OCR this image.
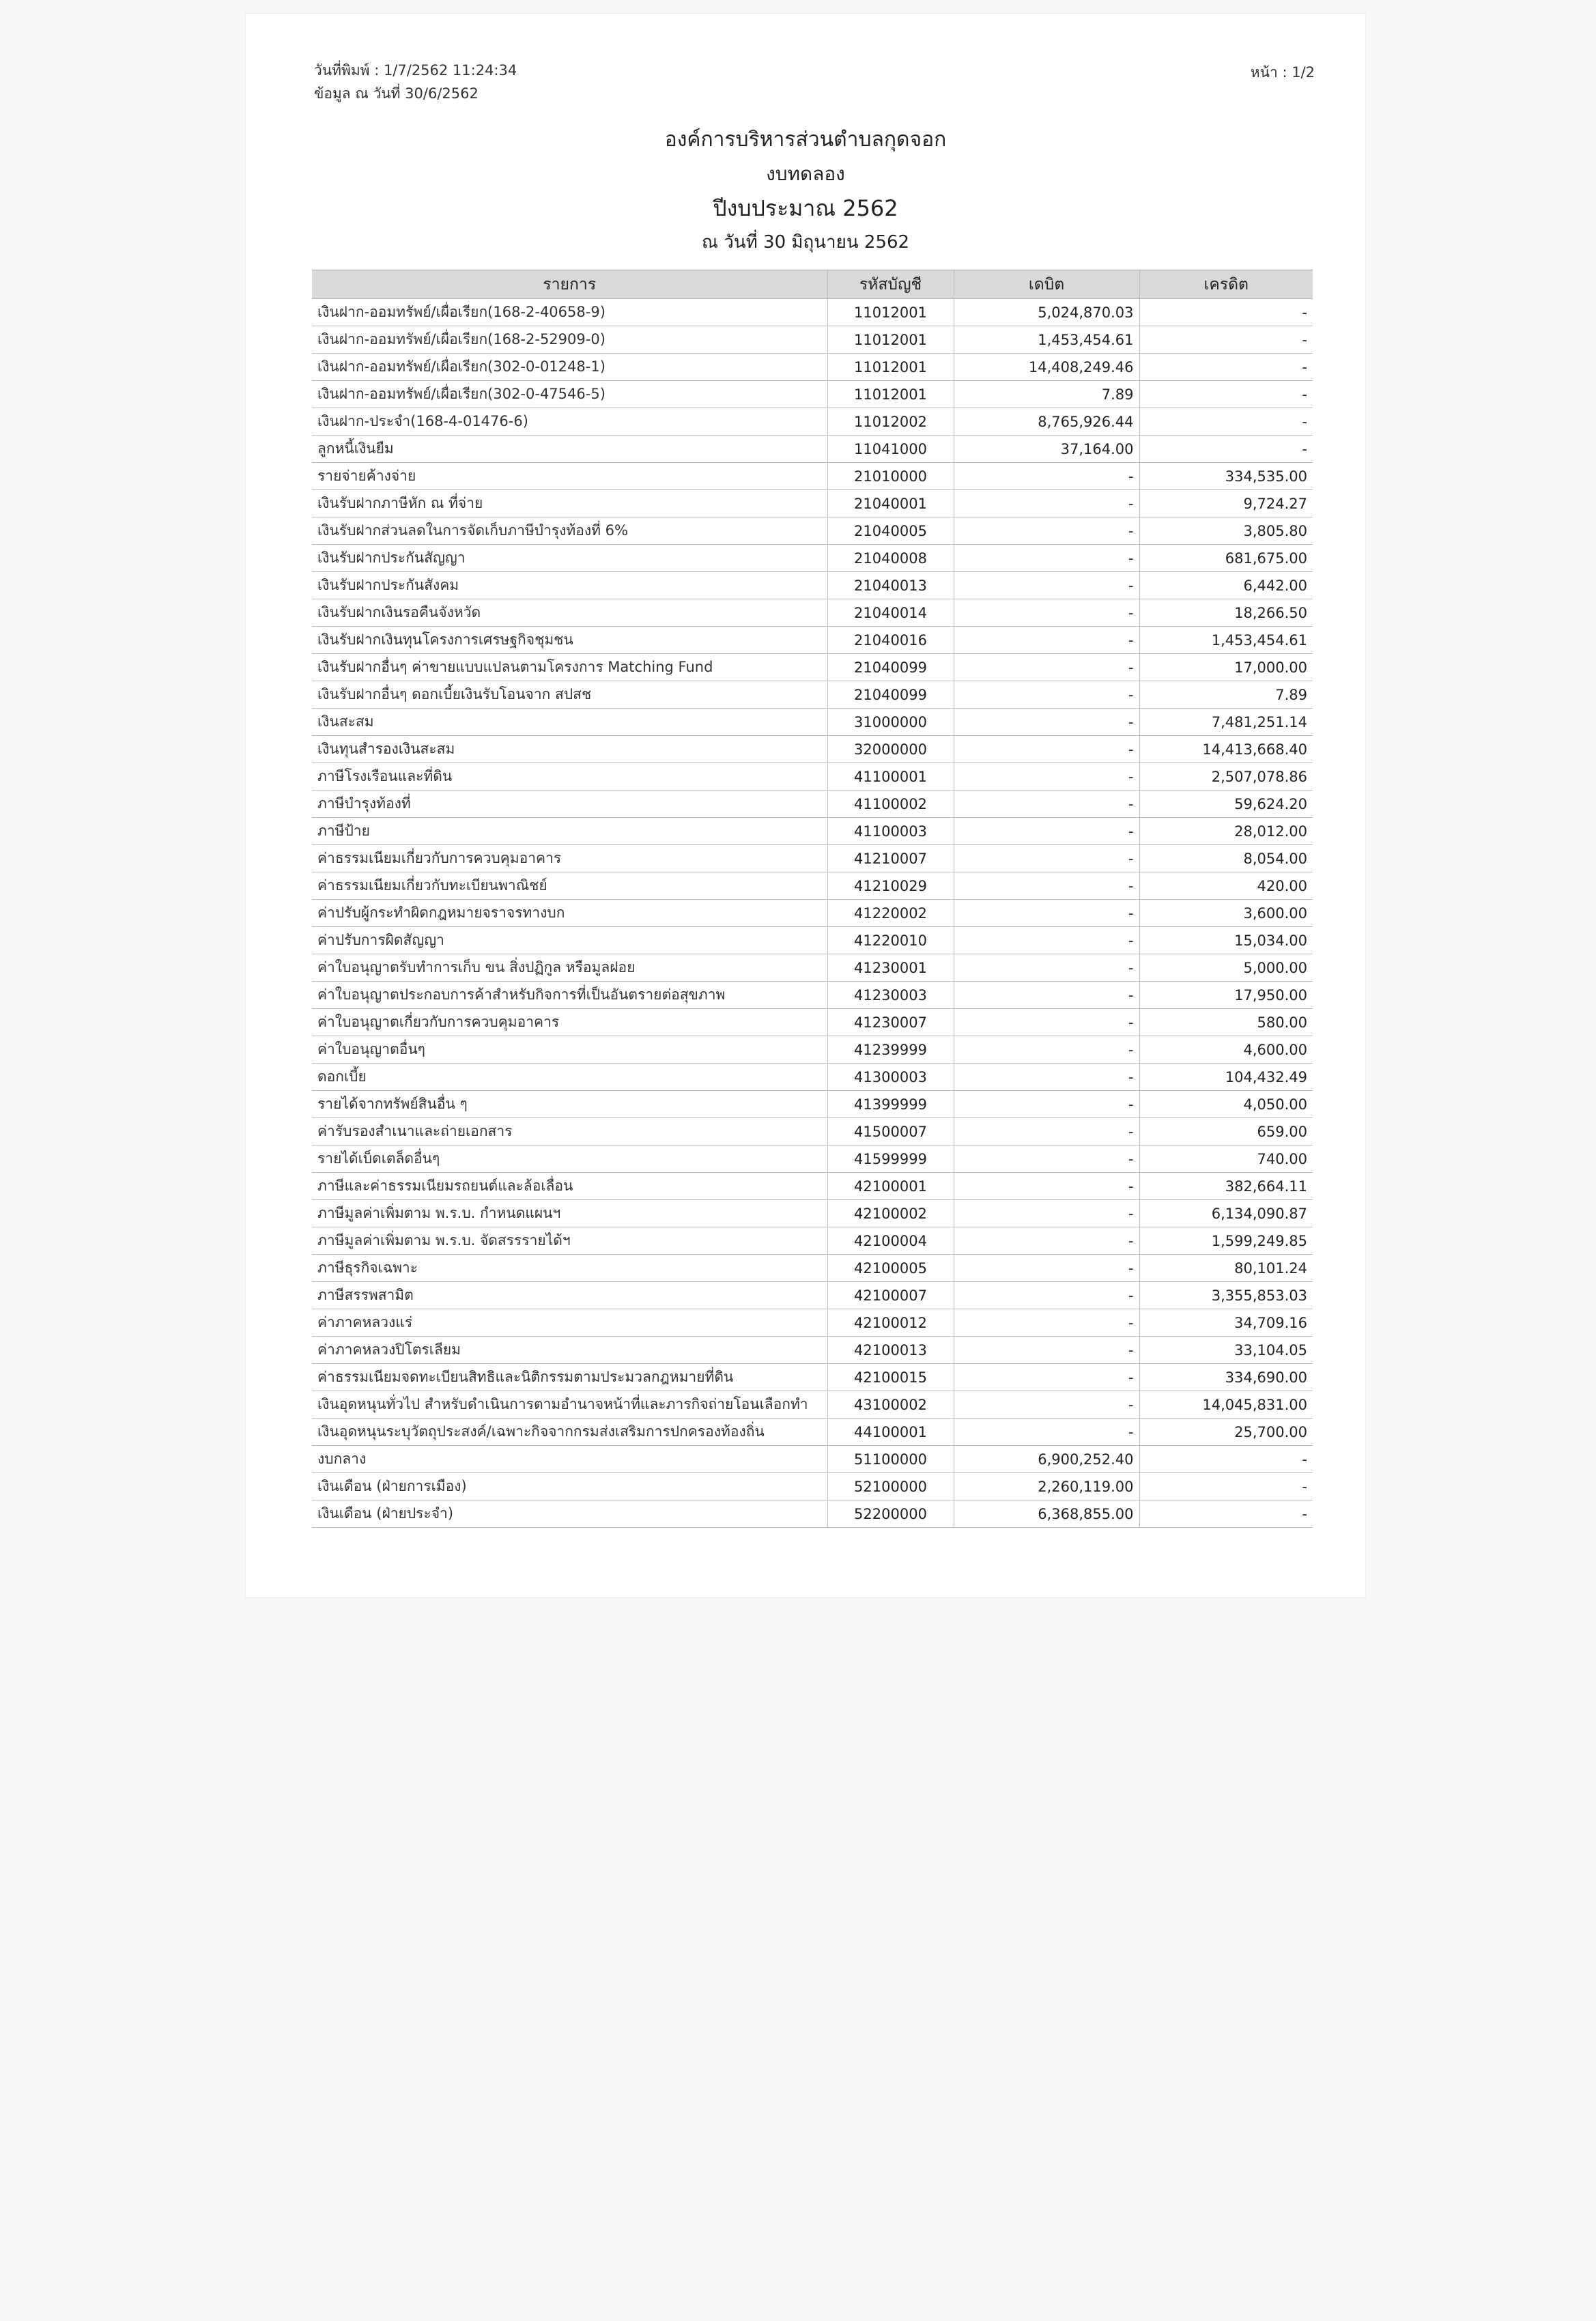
วันที่พิมพ์ : 1/7/2562 11:24:34
ข้อมูล ณ วันที่ 30/6/2562
หน้า : 1/2
องค์การบริหารส่วนตำบลกุดจอก
งบทดลอง
ปีงบประมาณ 2562
ณ วันที่ 30 มิถุนายน 2562
รายการ	รหัสบัญชี	เดบิต	เครดิต
เงินฝาก-ออมทรัพย์/เผื่อเรียก(168-2-40658-9)	11012001	5,024,870.03	-
เงินฝาก-ออมทรัพย์/เผื่อเรียก(168-2-52909-0)	11012001	1,453,454.61	-
เงินฝาก-ออมทรัพย์/เผื่อเรียก(302-0-01248-1)	11012001	14,408,249.46	-
เงินฝาก-ออมทรัพย์/เผื่อเรียก(302-0-47546-5)	11012001	7.89	-
เงินฝาก-ประจำ(168-4-01476-6)	11012002	8,765,926.44	-
ลูกหนี้เงินยืม	11041000	37,164.00	-
รายจ่ายค้างจ่าย	21010000	-	334,535.00
เงินรับฝากภาษีหัก ณ ที่จ่าย	21040001	-	9,724.27
เงินรับฝากส่วนลดในการจัดเก็บภาษีบำรุงท้องที่ 6%	21040005	-	3,805.80
เงินรับฝากประกันสัญญา	21040008	-	681,675.00
เงินรับฝากประกันสังคม	21040013	-	6,442.00
เงินรับฝากเงินรอคืนจังหวัด	21040014	-	18,266.50
เงินรับฝากเงินทุนโครงการเศรษฐกิจชุมชน	21040016	-	1,453,454.61
เงินรับฝากอื่นๆ ค่าขายแบบแปลนตามโครงการ Matching Fund	21040099	-	17,000.00
เงินรับฝากอื่นๆ ดอกเบี้ยเงินรับโอนจาก สปสช	21040099	-	7.89
เงินสะสม	31000000	-	7,481,251.14
เงินทุนสำรองเงินสะสม	32000000	-	14,413,668.40
ภาษีโรงเรือนและที่ดิน	41100001	-	2,507,078.86
ภาษีบำรุงท้องที่	41100002	-	59,624.20
ภาษีป้าย	41100003	-	28,012.00
ค่าธรรมเนียมเกี่ยวกับการควบคุมอาคาร	41210007	-	8,054.00
ค่าธรรมเนียมเกี่ยวกับทะเบียนพาณิชย์	41210029	-	420.00
ค่าปรับผู้กระทำผิดกฎหมายจราจรทางบก	41220002	-	3,600.00
ค่าปรับการผิดสัญญา	41220010	-	15,034.00
ค่าใบอนุญาตรับทำการเก็บ ขน สิ่งปฏิกูล หรือมูลฝอย	41230001	-	5,000.00
ค่าใบอนุญาตประกอบการค้าสำหรับกิจการที่เป็นอันตรายต่อสุขภาพ	41230003	-	17,950.00
ค่าใบอนุญาตเกี่ยวกับการควบคุมอาคาร	41230007	-	580.00
ค่าใบอนุญาตอื่นๆ	41239999	-	4,600.00
ดอกเบี้ย	41300003	-	104,432.49
รายได้จากทรัพย์สินอื่น ๆ	41399999	-	4,050.00
ค่ารับรองสำเนาและถ่ายเอกสาร	41500007	-	659.00
รายได้เบ็ดเตล็ดอื่นๆ	41599999	-	740.00
ภาษีและค่าธรรมเนียมรถยนต์และล้อเลื่อน	42100001	-	382,664.11
ภาษีมูลค่าเพิ่มตาม พ.ร.บ. กำหนดแผนฯ	42100002	-	6,134,090.87
ภาษีมูลค่าเพิ่มตาม พ.ร.บ. จัดสรรรายได้ฯ	42100004	-	1,599,249.85
ภาษีธุรกิจเฉพาะ	42100005	-	80,101.24
ภาษีสรรพสามิต	42100007	-	3,355,853.03
ค่าภาคหลวงแร่	42100012	-	34,709.16
ค่าภาคหลวงปิโตรเลียม	42100013	-	33,104.05
ค่าธรรมเนียมจดทะเบียนสิทธิและนิติกรรมตามประมวลกฎหมายที่ดิน	42100015	-	334,690.00
เงินอุดหนุนทั่วไป สำหรับดำเนินการตามอำนาจหน้าที่และภารกิจถ่ายโอนเลือกทำ	43100002	-	14,045,831.00
เงินอุดหนุนระบุวัตถุประสงค์/เฉพาะกิจจากกรมส่งเสริมการปกครองท้องถิ่น	44100001	-	25,700.00
งบกลาง	51100000	6,900,252.40	-
เงินเดือน (ฝ่ายการเมือง)	52100000	2,260,119.00	-
เงินเดือน (ฝ่ายประจำ)	52200000	6,368,855.00	-
